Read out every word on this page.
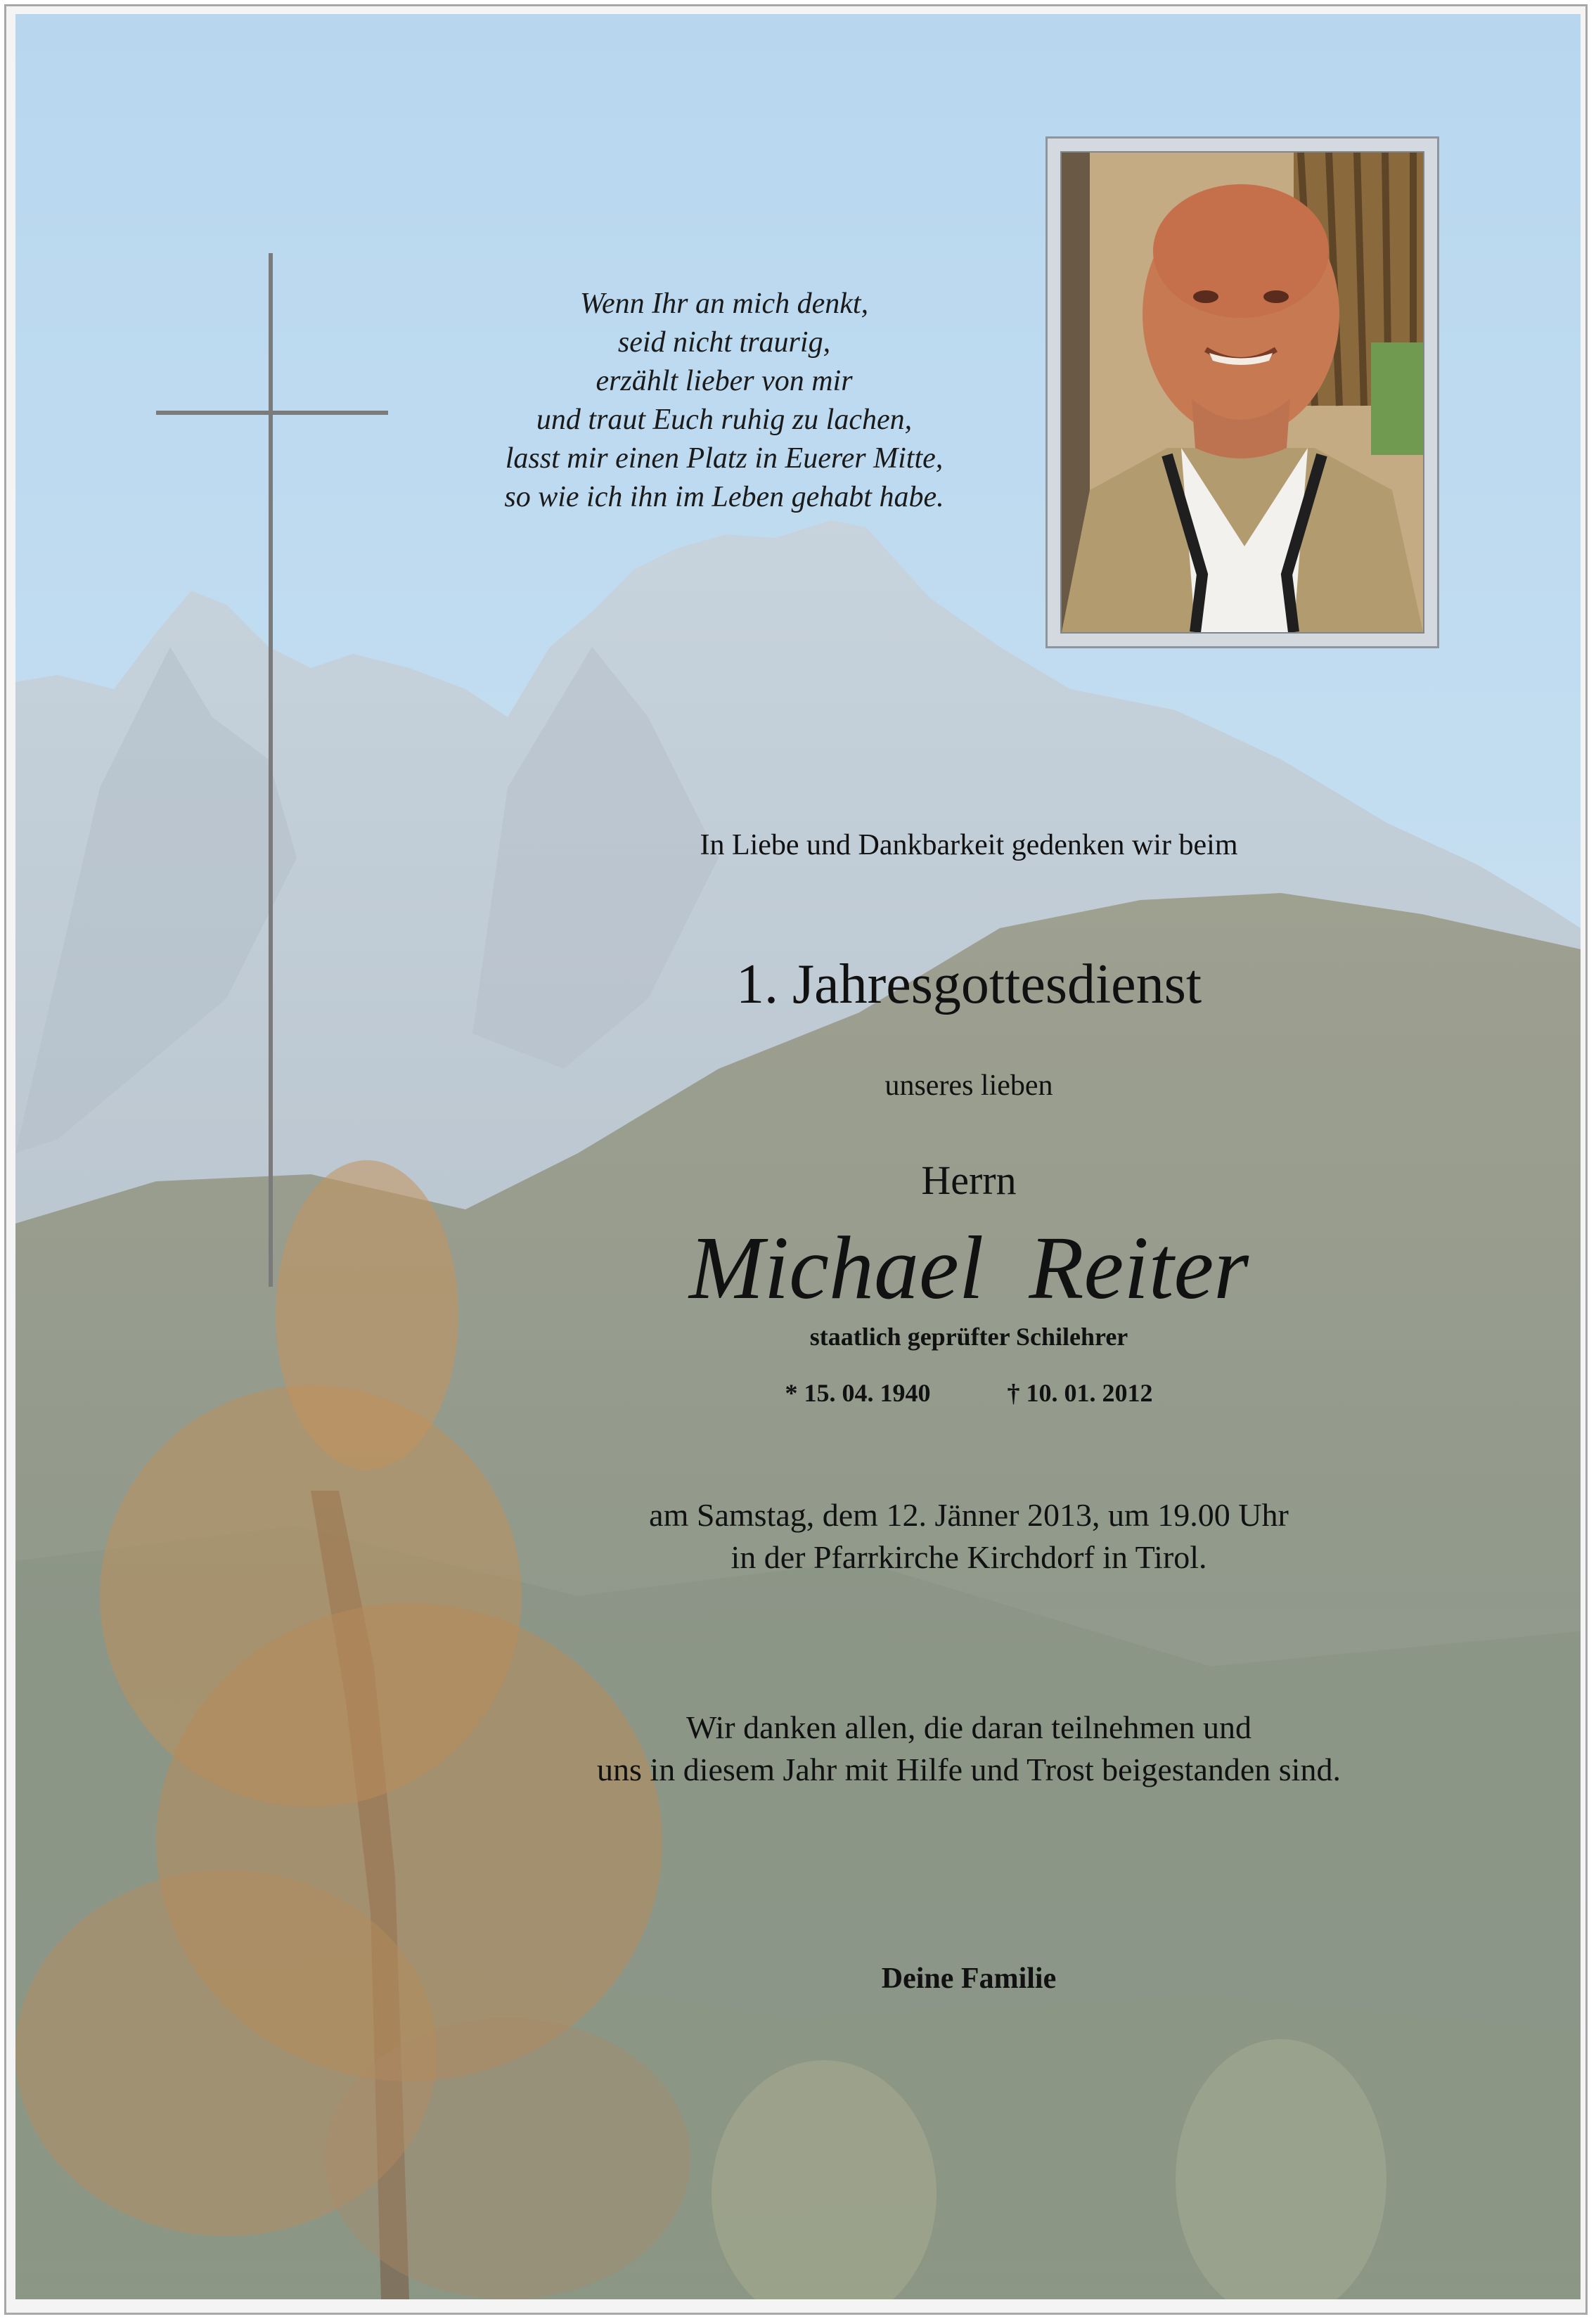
Wenn Ihr an mich denkt,
seid nicht traurig,
erzählt lieber von mir
und traut Euch ruhig zu lachen,
lasst mir einen Platz in Euerer Mitte,
so wie ich ihn im Leben gehabt habe.
In Liebe und Dankbarkeit gedenken wir beim
1. Jahresgottesdienst
unseres lieben
Herrn
Michael  Reiter
staatlich geprüfter Schilehrer
* 15. 04. 1940	† 10. 01. 2012
am Samstag, dem 12. Jänner 2013, um 19.00 Uhr
in der Pfarrkirche Kirchdorf in Tirol.
Wir danken allen, die daran teilnehmen und
uns in diesem Jahr mit Hilfe und Trost beigestanden sind.
Deine Familie
